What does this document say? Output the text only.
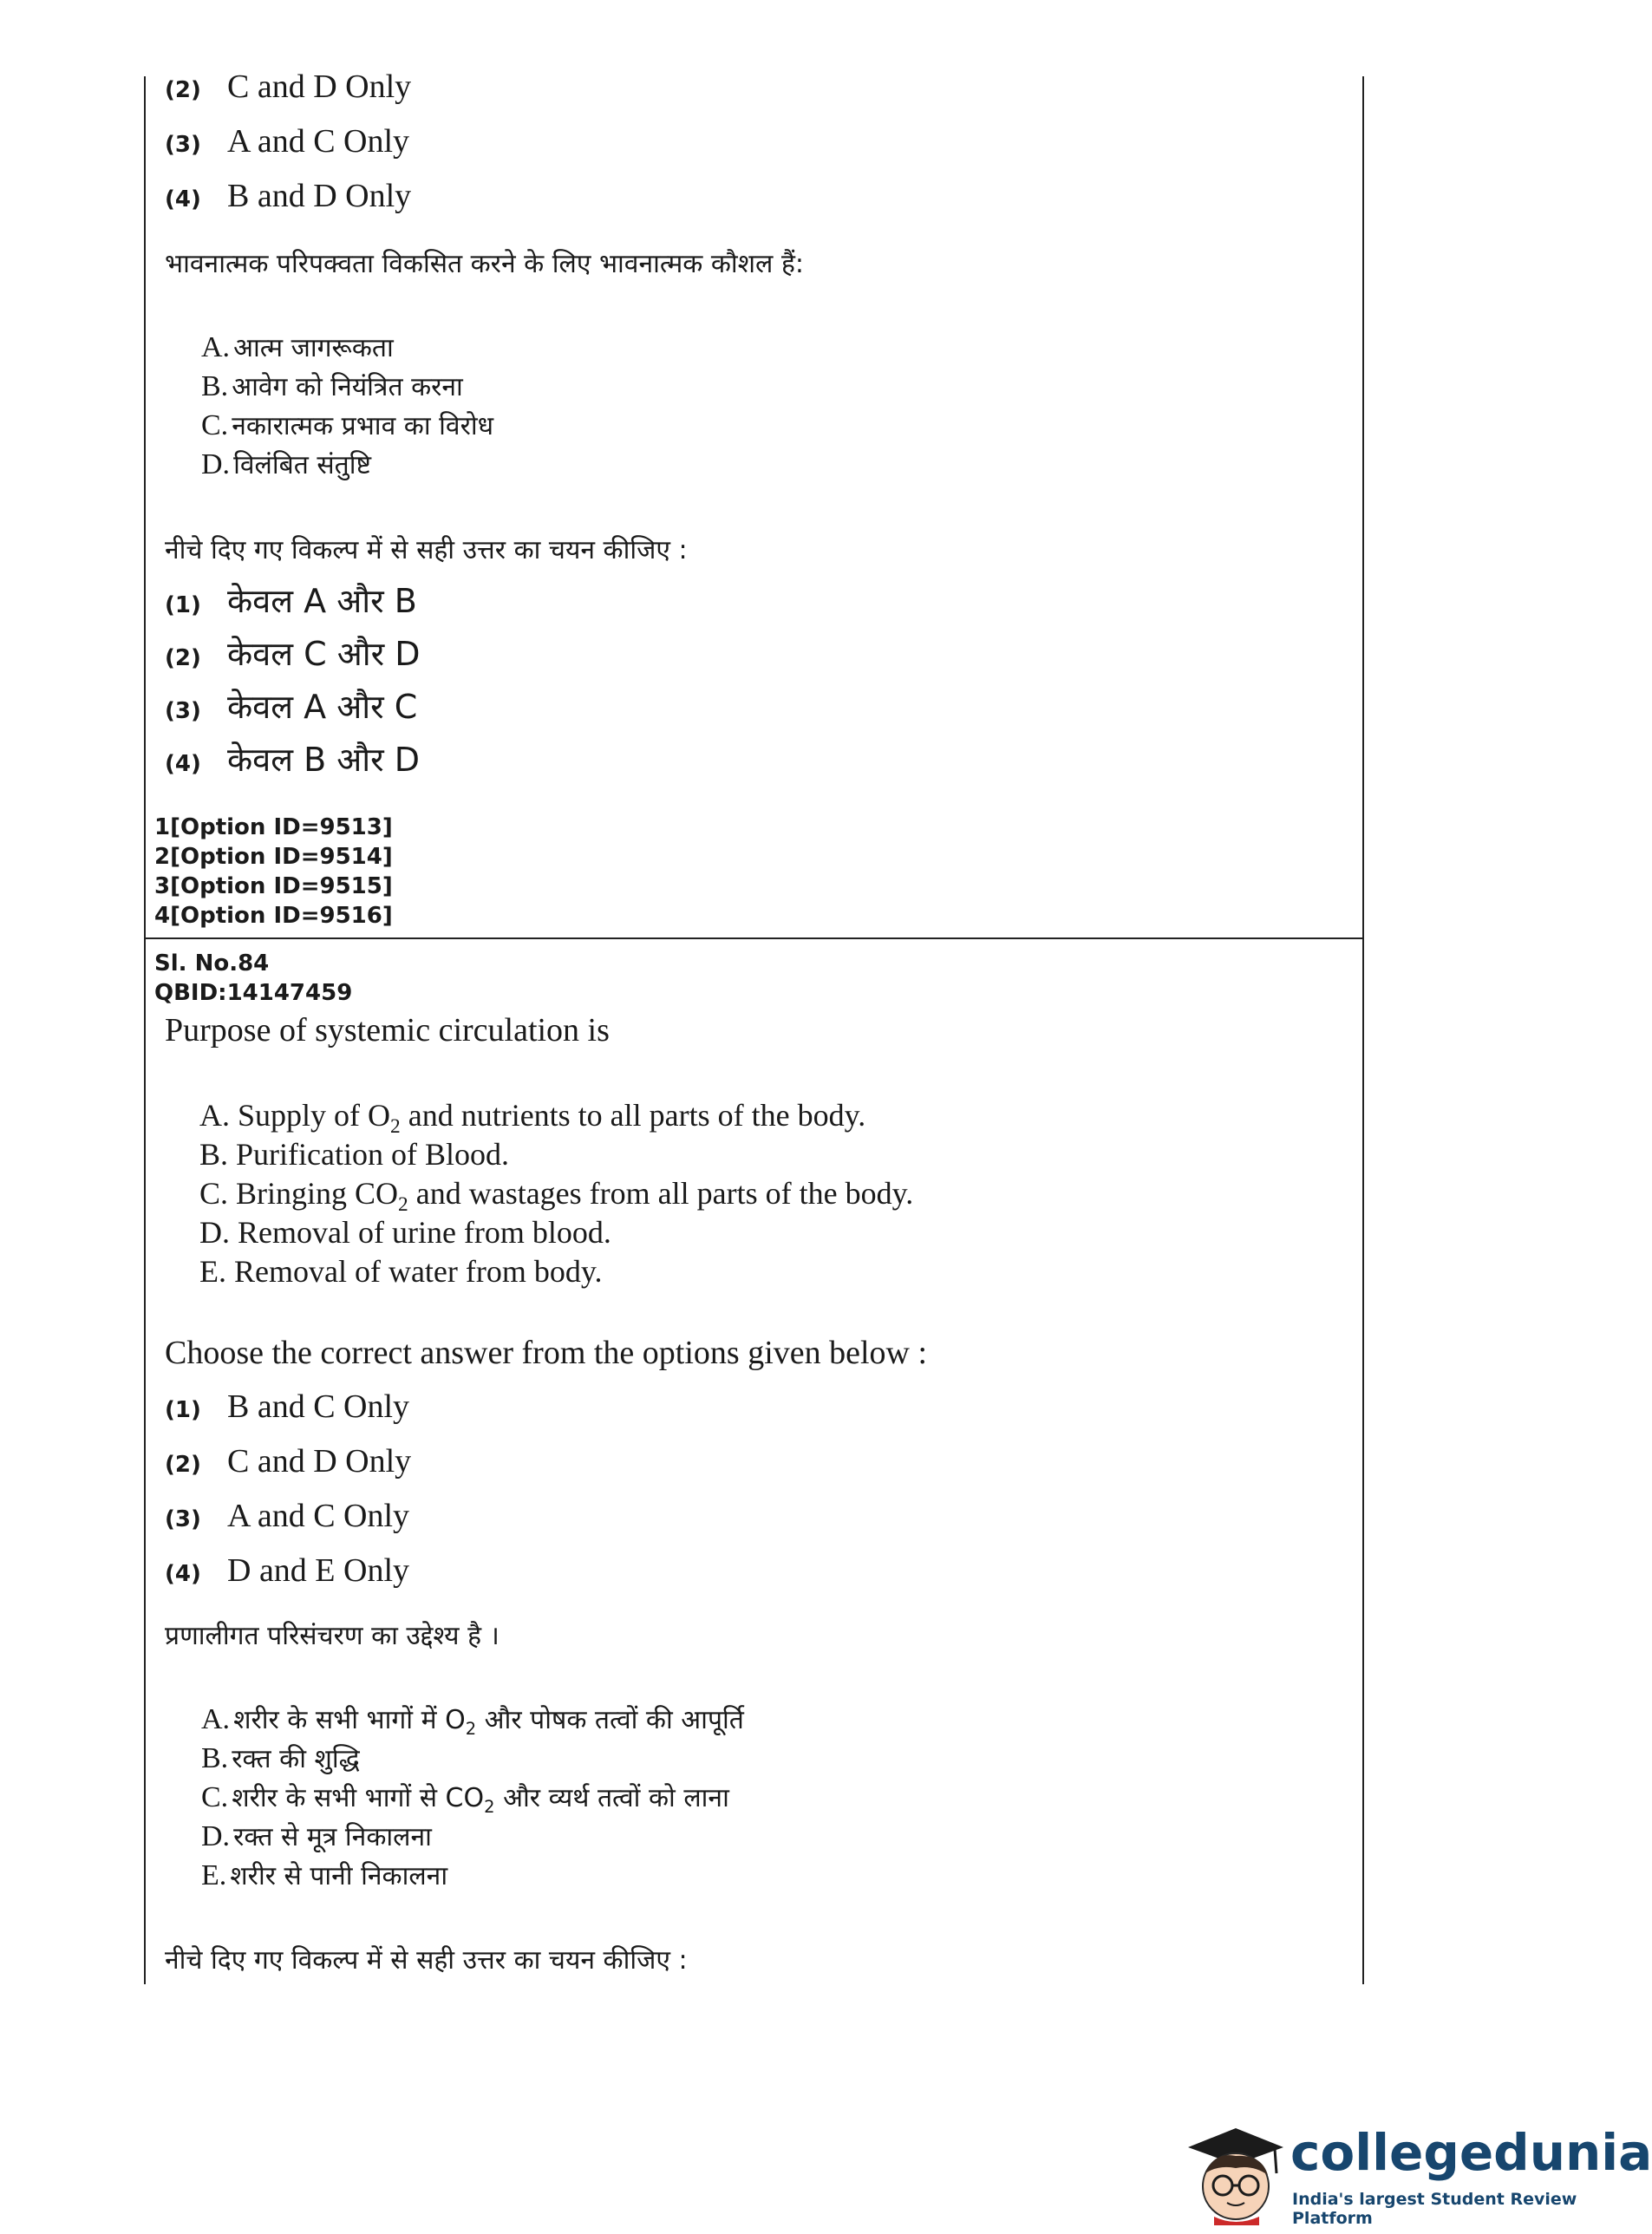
(2) C and D Only
(3) A and C Only
(4) B and D Only
भावनात्मक परिपक्वता विकसित करने के लिए भावनात्मक कौशल हैं:
A. आत्म जागरूकता
B. आवेग को नियंत्रित करना
C. नकारात्मक प्रभाव का विरोध
D. विलंबित संतुष्टि
नीचे दिए गए विकल्प में से सही उत्तर का चयन कीजिए :
(1) केवल A और B
(2) केवल C और D
(3) केवल A और C
(4) केवल B और D
1[Option ID=9513]
2[Option ID=9514]
3[Option ID=9515]
4[Option ID=9516]
Sl. No.84
QBID:14147459
Purpose of systemic circulation is
A. Supply of $O_2$ and nutrients to all parts of the body.
B. Purification of Blood.
C. Bringing $CO_2$ and wastages from all parts of the body.
D. Removal of urine from blood.
E. Removal of water from body.
Choose the correct answer from the options given below :
(1) B and C Only
(2) C and D Only
(3) A and C Only
(4) D and E Only
प्रणालीगत परिसंचरण का उद्देश्य है ।
A. शरीर के सभी भागों में $O_2$ और पोषक तत्वों की आपूर्ति
B. रक्त की शुद्धि
C. शरीर के सभी भागों से $CO_2$ और व्यर्थ तत्वों को लाना
D. रक्त से मूत्र निकालना
E. शरीर से पानी निकालना
नीचे दिए गए विकल्प में से सही उत्तर का चयन कीजिए :
collegedunia
India's largest Student Review Platform
